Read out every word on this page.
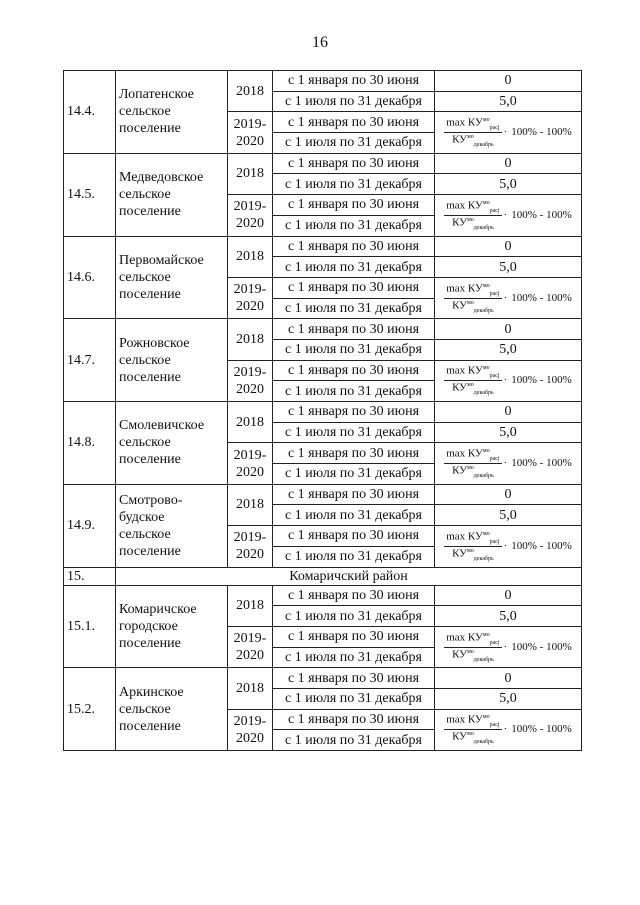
16
14.4.	Лопатенское
сельское
поселение	2018	с 1 января по 30 июня	0
			с 1 июля по 31 декабря	5,0
		2019-
2020	с 1 января по 30 июня	$\frac{\max КУ^{мо}_{pacj}}{КУ^{мо}_{декабрь}} \cdot 100\% - 100\%$

			с 1 июля по 31 декабря	
14.5.	Медведовское
сельское
поселение	2018	с 1 января по 30 июня	0
			с 1 июля по 31 декабря	5,0
		2019-
2020	с 1 января по 30 июня	$\frac{\max КУ^{мо}_{pacj}}{КУ^{мо}_{декабрь}} \cdot 100\% - 100\%$

			с 1 июля по 31 декабря	
14.6.	Первомайское
сельское
поселение	2018	с 1 января по 30 июня	0
			с 1 июля по 31 декабря	5,0
		2019-
2020	с 1 января по 30 июня	$\frac{\max КУ^{мо}_{pacj}}{КУ^{мо}_{декабрь}} \cdot 100\% - 100\%$

			с 1 июля по 31 декабря	
14.7.	Рожновское
сельское
поселение	2018	с 1 января по 30 июня	0
			с 1 июля по 31 декабря	5,0
		2019-
2020	с 1 января по 30 июня	$\frac{\max КУ^{мо}_{pacj}}{КУ^{мо}_{декабрь}} \cdot 100\% - 100\%$

			с 1 июля по 31 декабря	
14.8.	Смолевичское
сельское
поселение	2018	с 1 января по 30 июня	0
			с 1 июля по 31 декабря	5,0
		2019-
2020	с 1 января по 30 июня	$\frac{\max КУ^{мо}_{pacj}}{КУ^{мо}_{декабрь}} \cdot 100\% - 100\%$

			с 1 июля по 31 декабря	
14.9.	Смотрово-
будское
сельское
поселение	2018	с 1 января по 30 июня	0
			с 1 июля по 31 декабря	5,0
		2019-
2020	с 1 января по 30 июня	$\frac{\max КУ^{мо}_{pacj}}{КУ^{мо}_{декабрь}} \cdot 100\% - 100\%$

			с 1 июля по 31 декабря	
15.	Комаричский район			
15.1.	Комаричское
городское
поселение	2018	с 1 января по 30 июня	0
			с 1 июля по 31 декабря	5,0
		2019-
2020	с 1 января по 30 июня	$\frac{\max КУ^{мо}_{pacj}}{КУ^{мо}_{декабрь}} \cdot 100\% - 100\%$

			с 1 июля по 31 декабря	
15.2.	Аркинское
сельское
поселение	2018	с 1 января по 30 июня	0
			с 1 июля по 31 декабря	5,0
		2019-
2020	с 1 января по 30 июня	$\frac{\max КУ^{мо}_{pacj}}{КУ^{мо}_{декабрь}} \cdot 100\% - 100\%$

			с 1 июля по 31 декабря	
